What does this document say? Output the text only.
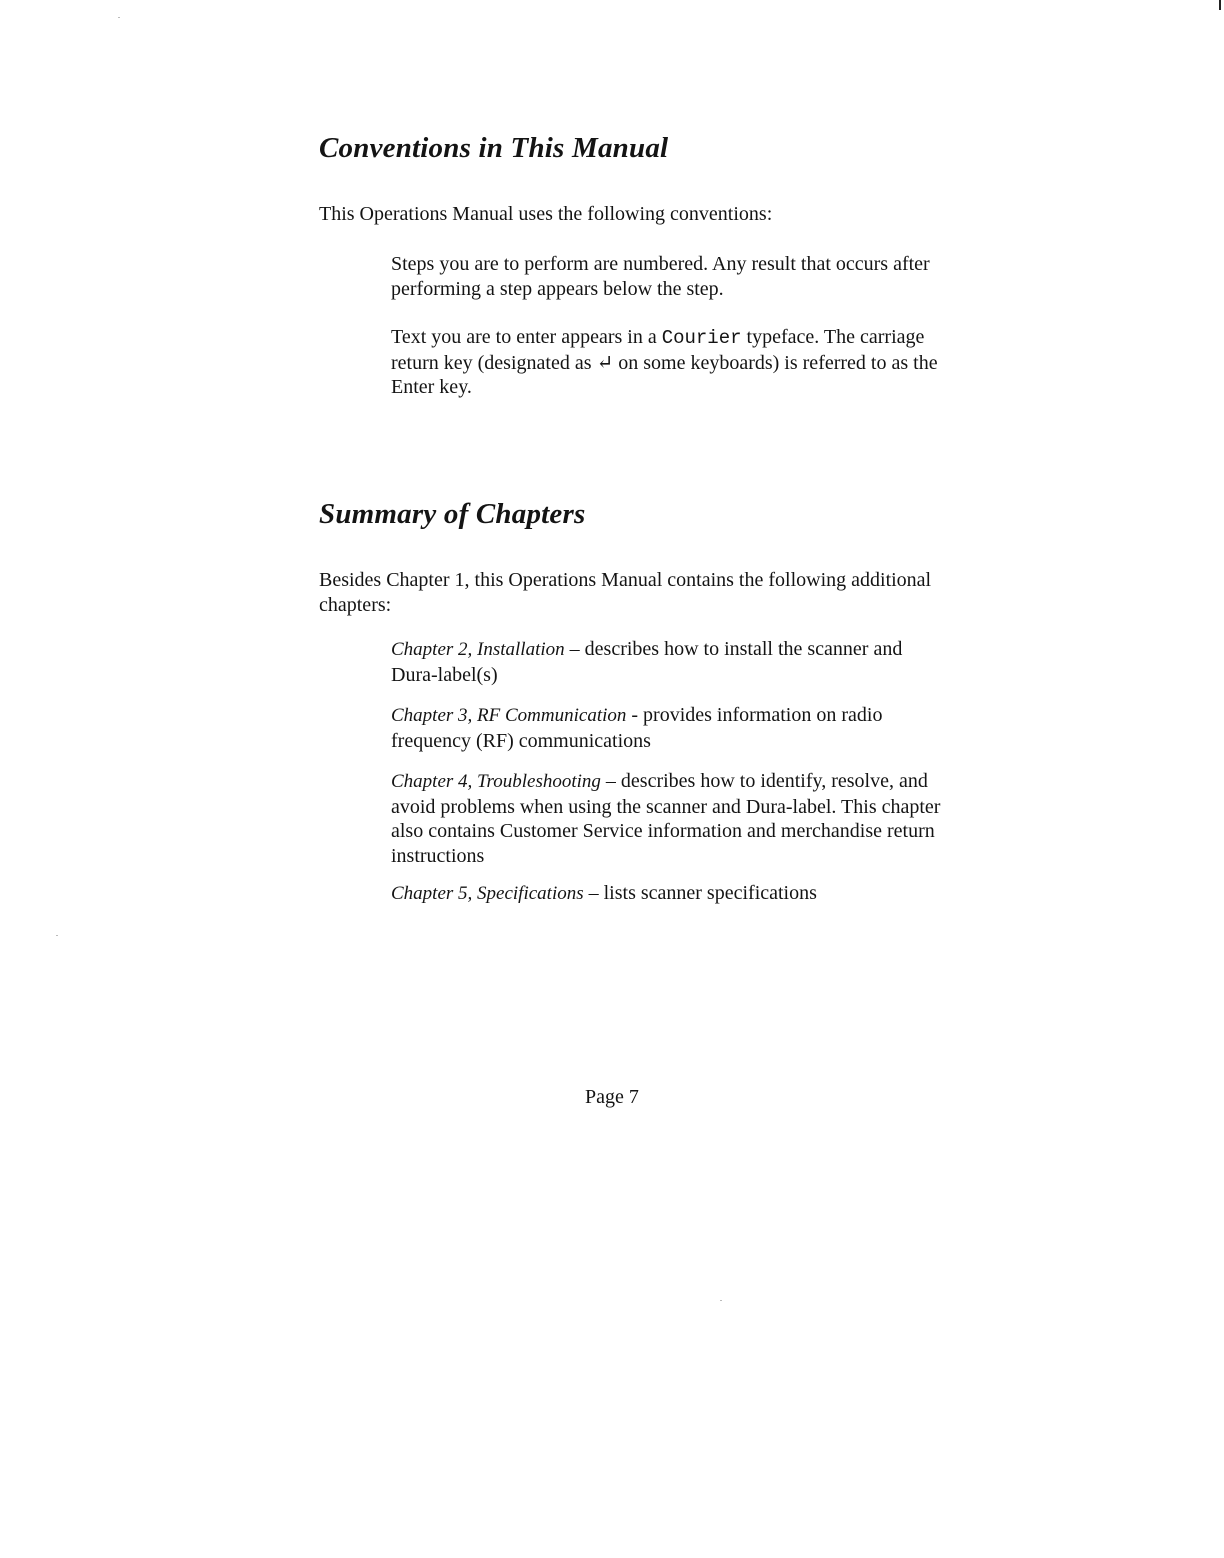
Conventions in This Manual

This Operations Manual uses the following conventions:

Steps you are to perform are numbered. Any result that occurs after performing a step appears below the step.

Text you are to enter appears in a Courier typeface. The carriage return key (designated as ↵ on some keyboards) is referred to as the Enter key.

Summary of Chapters

Besides Chapter 1, this Operations Manual contains the following additional chapters:

Chapter 2, Installation – describes how to install the scanner and Dura-label(s)

Chapter 3, RF Communication - provides information on radio frequency (RF) communications

Chapter 4, Troubleshooting – describes how to identify, resolve, and avoid problems when using the scanner and Dura-label. This chapter also contains Customer Service information and merchandise return instructions

Chapter 5, Specifications – lists scanner specifications

Page 7
